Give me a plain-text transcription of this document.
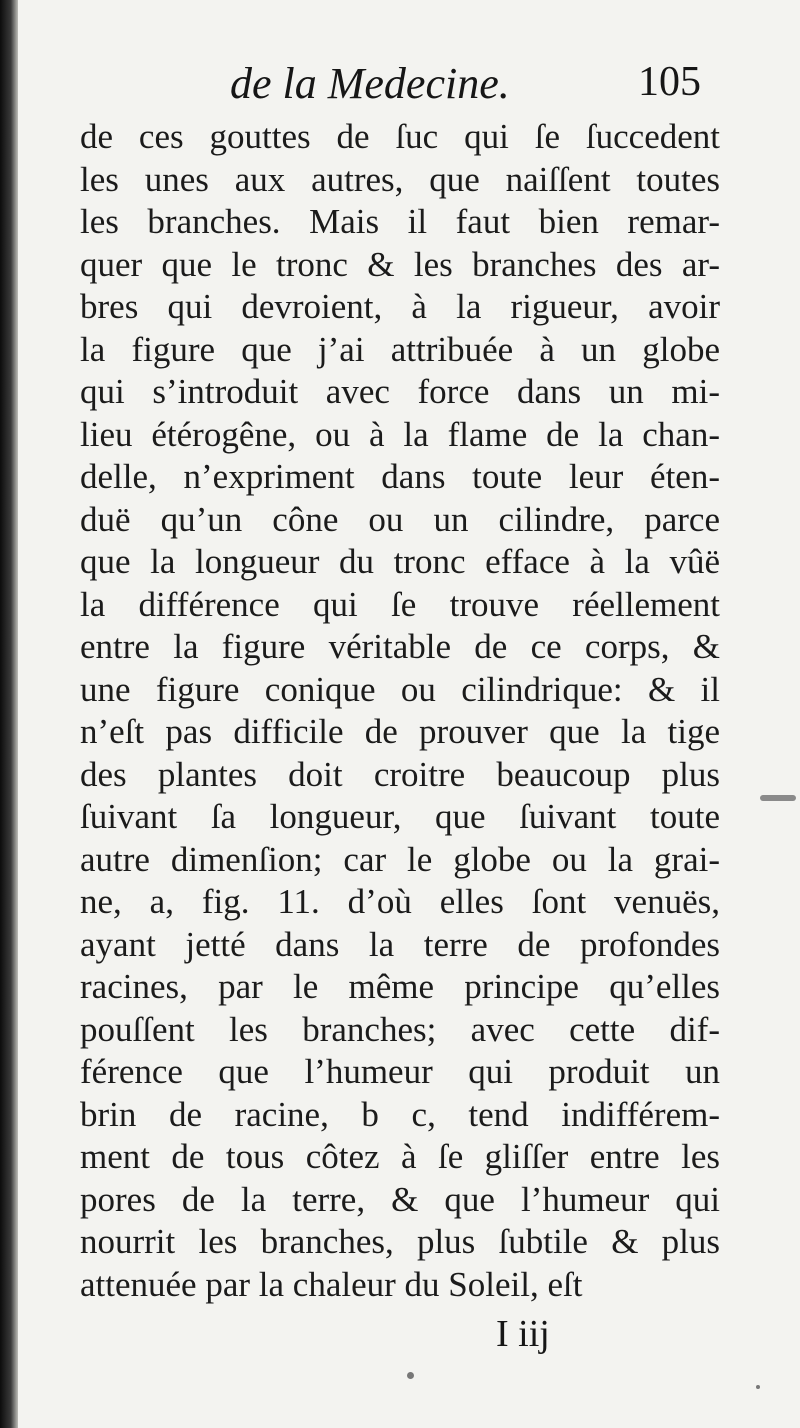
de la Medecine.	105
de ces gouttes de ſuc qui ſe ſuccedent
les unes aux autres, que naiſſent toutes
les branches. Mais il faut bien remar-
quer que le tronc & les branches des ar-
bres qui devroient, à la rigueur, avoir
la figure que j’ai attribuée à un globe
qui s’introduit avec force dans un mi-
lieu étérogêne, ou à la flame de la chan-
delle, n’expriment dans toute leur éten-
duë qu’un cône ou un cilindre, parce
que la longueur du tronc efface à la vûë
la différence qui ſe trouve réellement
entre la figure véritable de ce corps, &
une figure conique ou cilindrique: & il
n’eſt pas difficile de prouver que la tige
des plantes doit croitre beaucoup plus
ſuivant ſa longueur, que ſuivant toute
autre dimenſion; car le globe ou la grai-
ne, a, fig. 11. d’où elles ſont venuës,
ayant jetté dans la terre de profondes
racines, par le même principe qu’elles
pouſſent les branches; avec cette dif-
férence que l’humeur qui produit un
brin de racine, b c, tend indifférem-
ment de tous côtez à ſe gliſſer entre les
pores de la terre, & que l’humeur qui
nourrit les branches, plus ſubtile & plus
attenuée par la chaleur du Soleil, eſt
I iij
